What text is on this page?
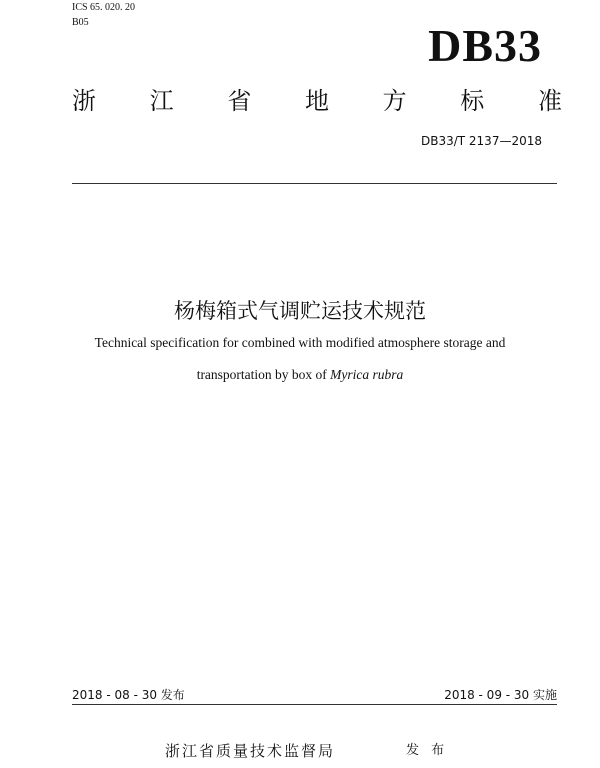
ICS 65. 020. 20
B05	DB33
浙 江 省 地 方 标 准
DB33/T 2137—2018
杨梅箱式气调贮运技术规范
Technical specification for combined with modified atmosphere storage and
transportation by box of Myrica rubra
2018 - 08 - 30 发布	2018 - 09 - 30 实施
浙江省质量技术监督局	发 布
